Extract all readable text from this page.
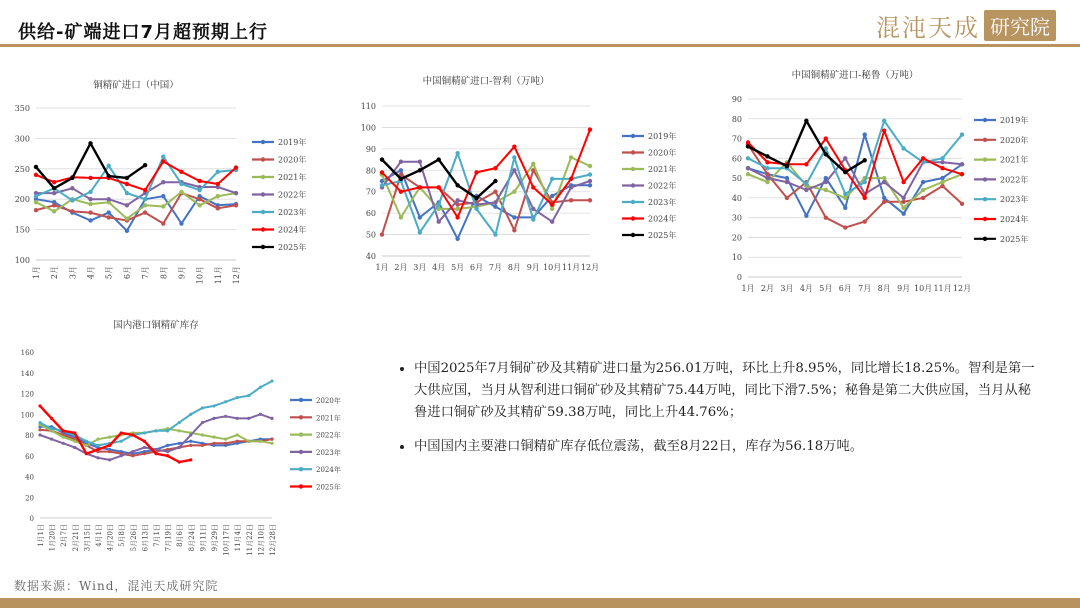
供给-矿端进口7月超预期上行	混沌天成 研究院
铜精矿进口（中国）
100
150
200
250
300
350
1月 2月 3月 4月 5月 6月 7月 8月 9月 10月 11月 12月
2019年
2020年
2021年
2022年
2023年
2024年
2025年
中国铜精矿进口-智利（万吨）
40
50
60
70
80
90
100
110
1月 2月 3月 4月 5月 6月 7月 8月 9月 10月 11月 12月
2019年
2020年
2021年
2022年
2023年
2024年
2025年
中国铜精矿进口-秘鲁（万吨）
0
10
20
30
40
50
60
70
80
90
1月 2月 3月 4月 5月 6月 7月 8月 9月 10月 11月 12月
2019年
2020年
2021年
2022年
2023年
2024年
2025年
国内港口铜精矿库存
0
20
40
60
80
100
120
140
160
1月1日 1月20日 2月7日 2月21日 3月15日 4月1日 4月20日 5月8日 5月26日 6月13日 7月1日 7月19日 8月6日 8月24日 9月11日 9月29日 10月17日 11月4日 11月22日 12月10日 12月28日
2020年
2021年
2022年
2023年
2024年
2025年
• 中国2025年7月铜矿砂及其精矿进口量为256.01万吨，环比上升8.95%，同比增长18.25%。智利是第一大供应国，当月从智利进口铜矿砂及其精矿75.44万吨，同比下滑7.5%；秘鲁是第二大供应国，当月从秘鲁进口铜矿砂及其精矿59.38万吨，同比上升44.76%；
• 中国国内主要港口铜精矿库存低位震荡，截至8月22日，库存为56.18万吨。
数据来源：Wind，混沌天成研究院
